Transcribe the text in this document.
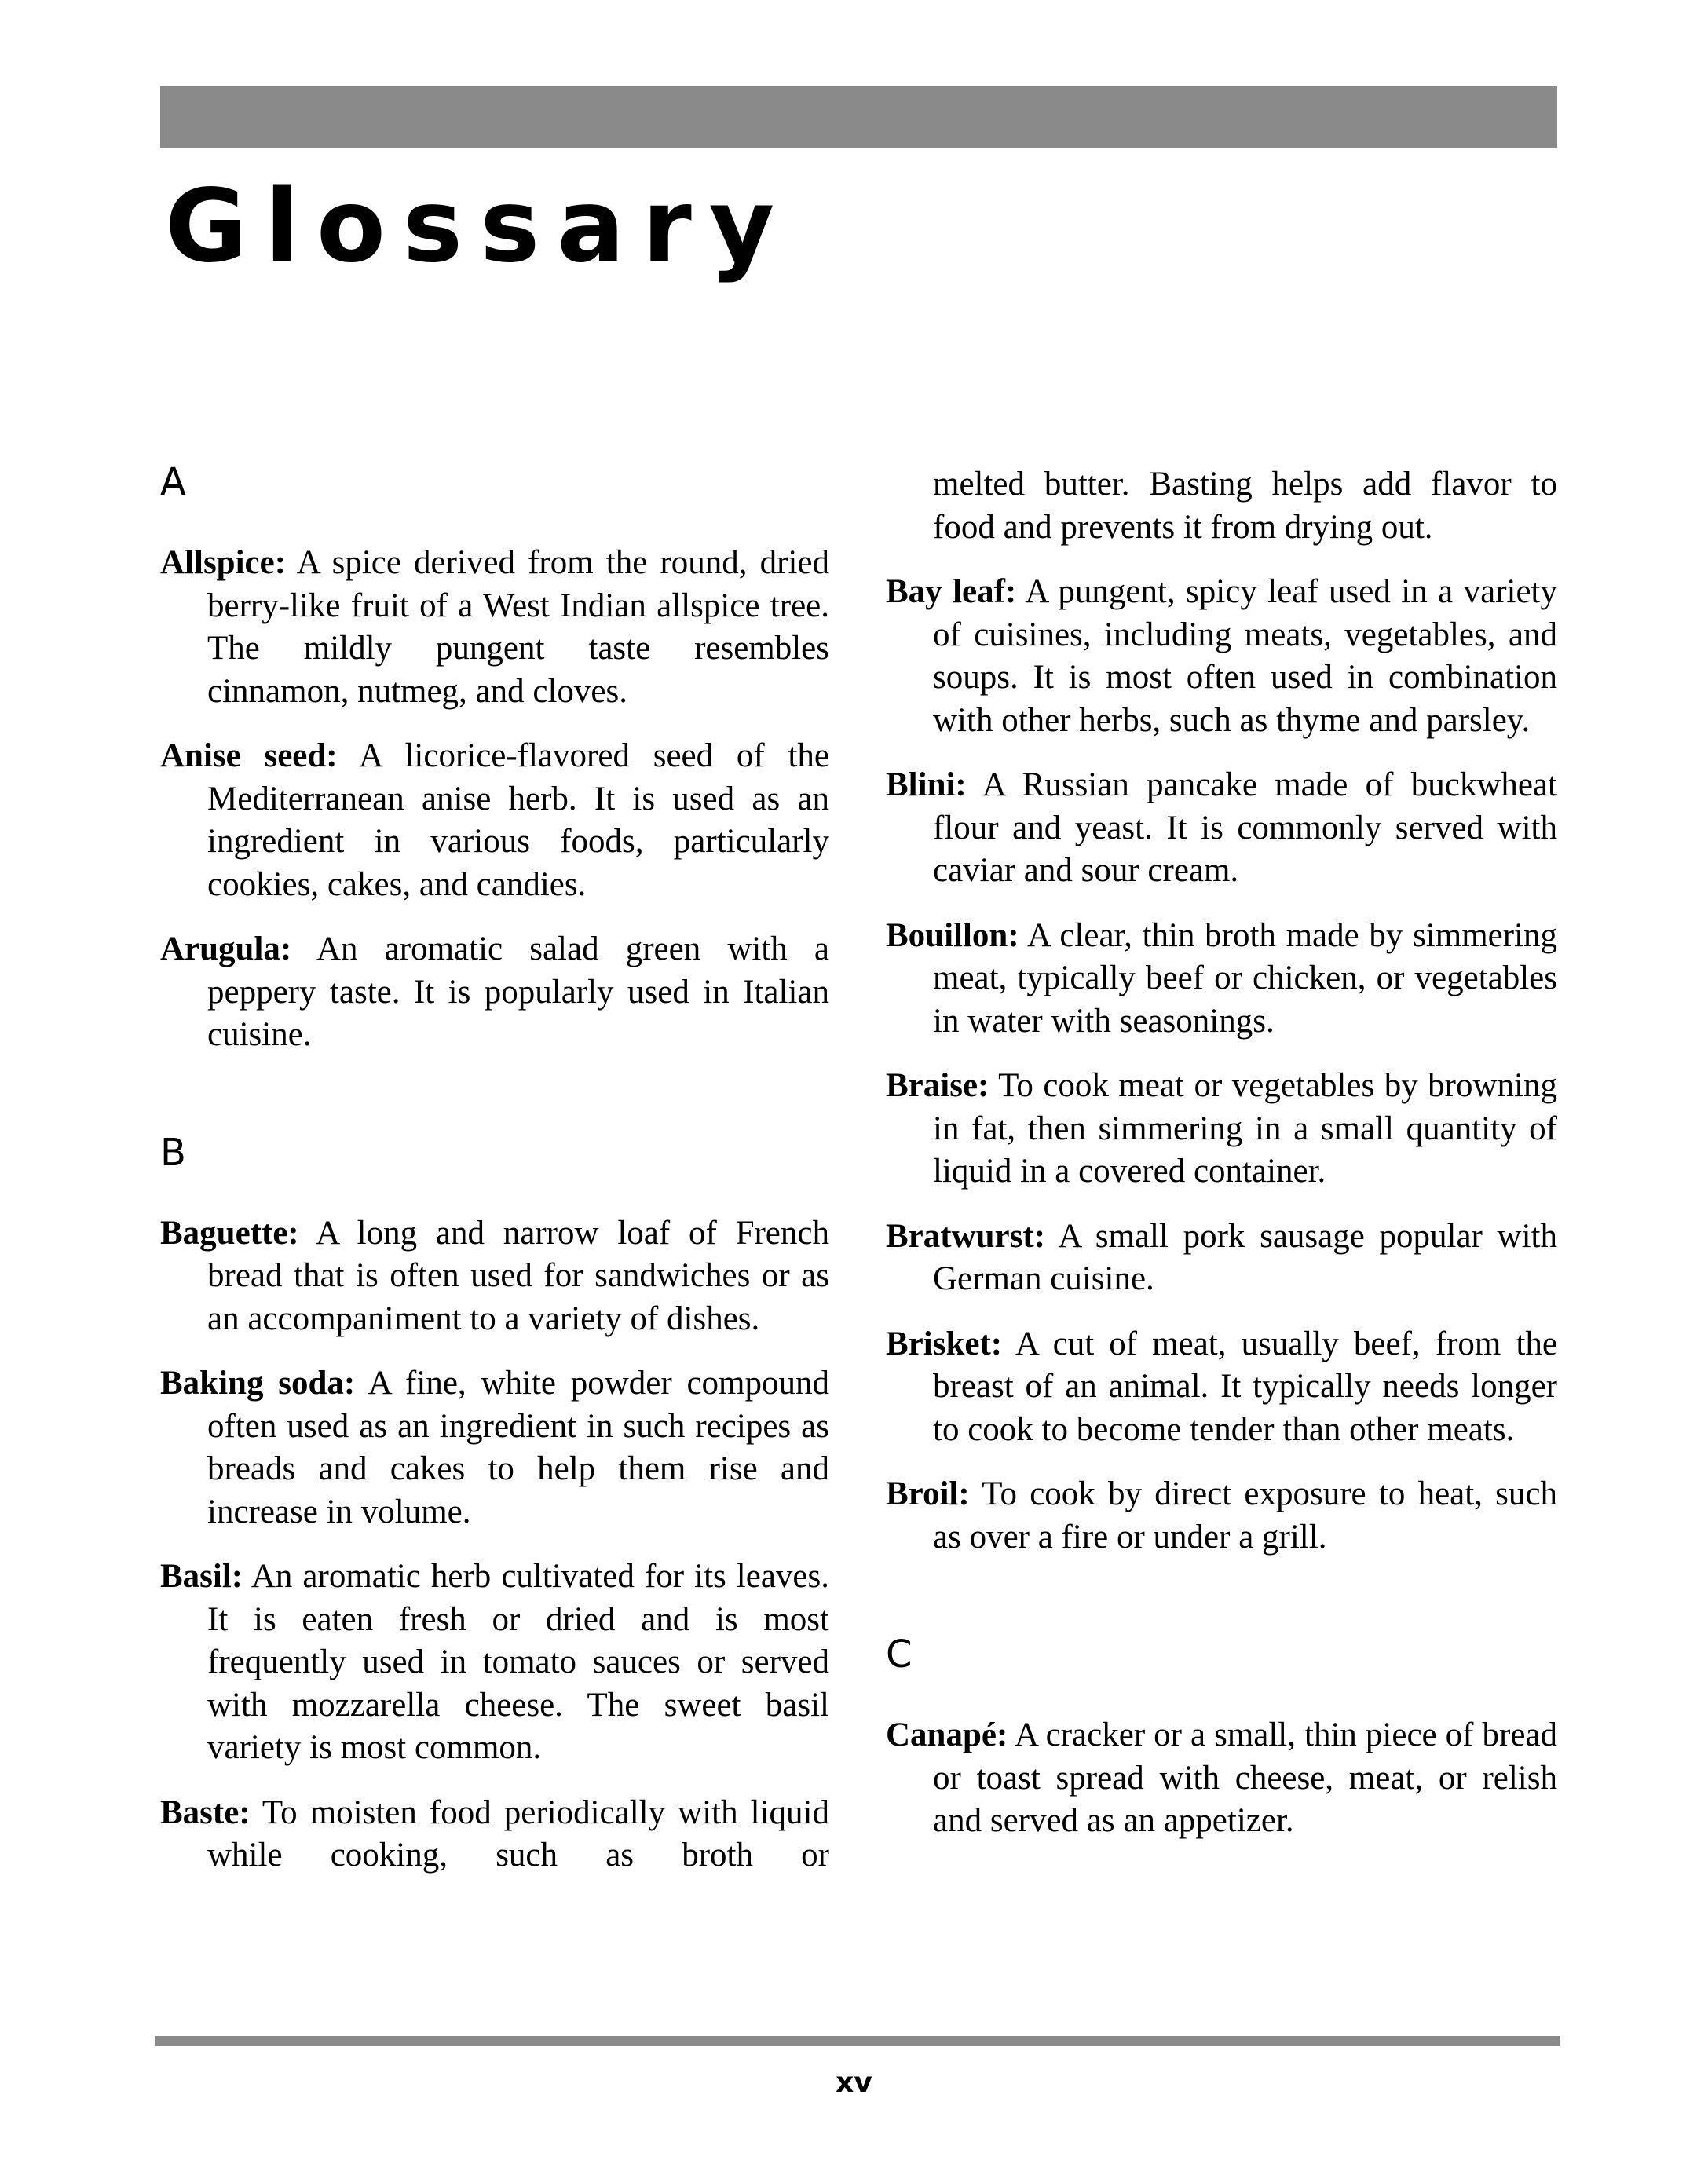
Glossary
A

Allspice: A spice derived from the round, dried berry-like fruit of a West Indian allspice tree. The mildly pungent taste resembles cinnamon, nutmeg, and cloves.

Anise seed: A licorice-flavored seed of the Mediterranean anise herb. It is used as an ingredient in various foods, particularly cookies, cakes, and candies.

Arugula: An aromatic salad green with a peppery taste. It is popularly used in Italian cuisine.

B

Baguette: A long and narrow loaf of French bread that is often used for sandwiches or as an accompaniment to a variety of dishes.

Baking soda: A fine, white powder compound often used as an ingredient in such recipes as breads and cakes to help them rise and increase in volume.

Basil: An aromatic herb cultivated for its leaves. It is eaten fresh or dried and is most frequently used in tomato sauces or served with mozzarella cheese. The sweet basil variety is most common.

Baste: To moisten food periodically with liquid while cooking, such as broth or

melted butter. Basting helps add flavor to food and prevents it from drying out.

Bay leaf: A pungent, spicy leaf used in a variety of cuisines, including meats, vegetables, and soups. It is most often used in combination with other herbs, such as thyme and parsley.

Blini: A Russian pancake made of buckwheat flour and yeast. It is commonly served with caviar and sour cream.

Bouillon: A clear, thin broth made by simmering meat, typically beef or chicken, or vegetables in water with seasonings.

Braise: To cook meat or vegetables by browning in fat, then simmering in a small quantity of liquid in a covered container.

Bratwurst: A small pork sausage popular with German cuisine.

Brisket: A cut of meat, usually beef, from the breast of an animal. It typically needs longer to cook to become tender than other meats.

Broil: To cook by direct exposure to heat, such as over a fire or under a grill.

C

Canapé: A cracker or a small, thin piece of bread or toast spread with cheese, meat, or relish and served as an appetizer.

xv
